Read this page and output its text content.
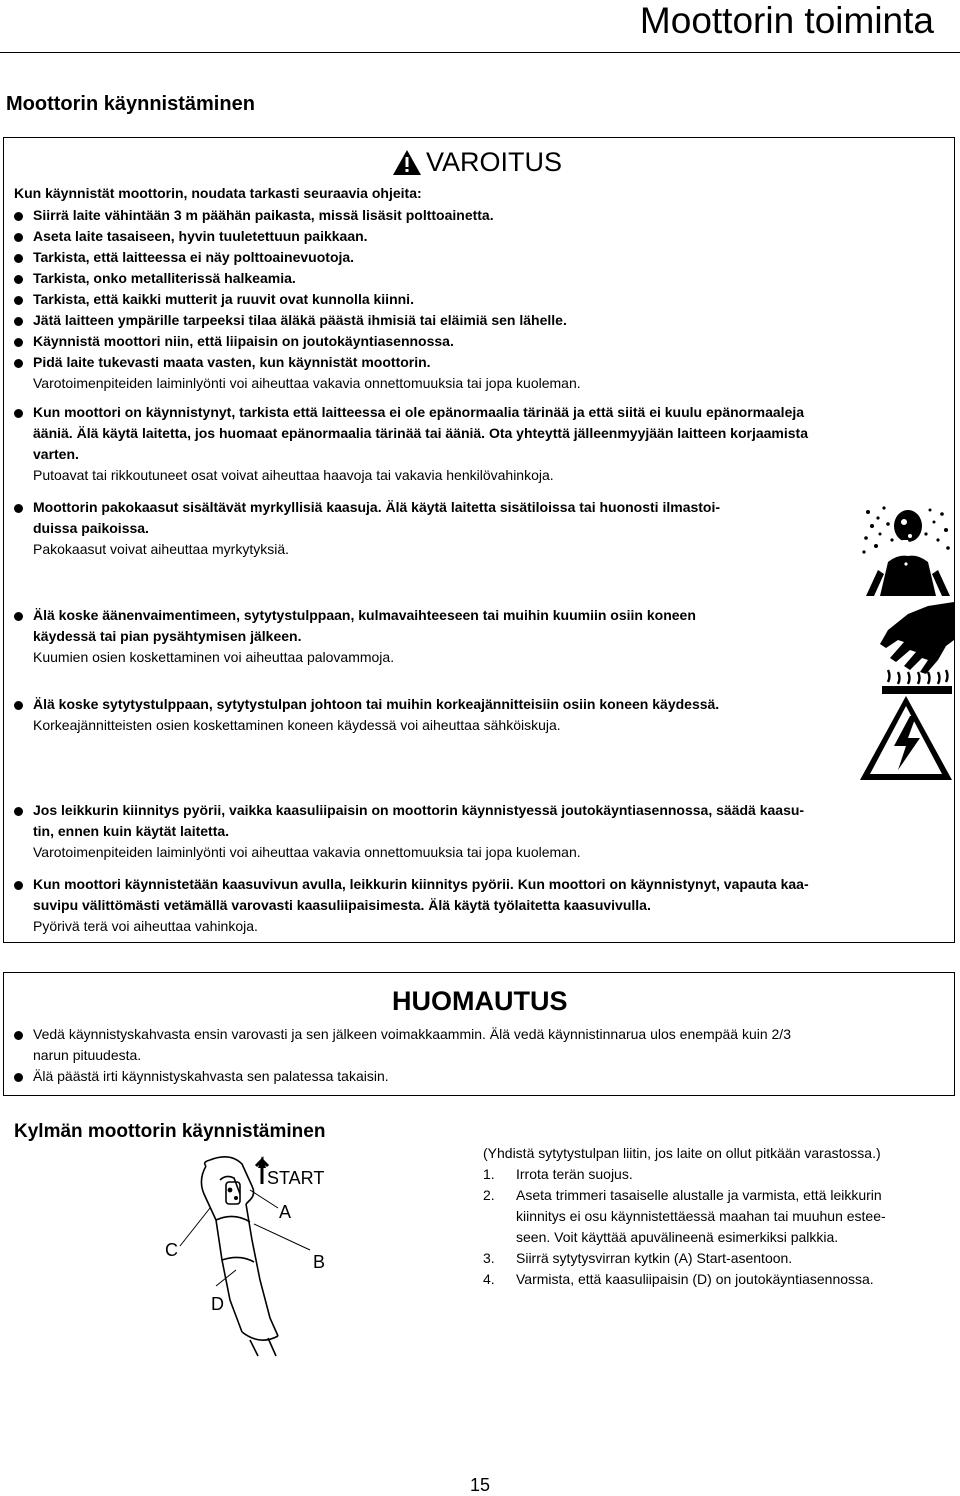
Moottorin toiminta
Moottorin käynnistäminen
VAROITUS
Kun käynnistät moottorin, noudata tarkasti seuraavia ohjeita:
Siirrä laite vähintään 3 m päähän paikasta, missä lisäsit polttoainetta.
Aseta laite tasaiseen, hyvin tuuletettuun paikkaan.
Tarkista, että laitteessa ei näy polttoainevuotoja.
Tarkista, onko metalliterissä halkeamia.
Tarkista, että kaikki mutterit ja ruuvit ovat kunnolla kiinni.
Jätä laitteen ympärille tarpeeksi tilaa äläkä päästä ihmisiä tai eläimiä sen lähelle.
Käynnistä moottori niin, että liipaisin on joutokäyntiasennossa.
Pidä laite tukevasti maata vasten, kun käynnistät moottorin.
Varotoimenpiteiden laiminlyönti voi aiheuttaa vakavia onnettomuuksia tai jopa kuoleman.
Kun moottori on käynnistynyt, tarkista että laitteessa ei ole epänormaalia tärinää ja että siitä ei kuulu epänormaaleja
ääniä. Älä käytä laitetta, jos huomaat epänormaalia tärinää tai ääniä. Ota yhteyttä jälleenmyyjään laitteen korjaamista
varten.
Putoavat tai rikkoutuneet osat voivat aiheuttaa haavoja tai vakavia henkilövahinkoja.
Moottorin pakokaasut sisältävät myrkyllisiä kaasuja. Älä käytä laitetta sisätiloissa tai huonosti ilmastoi-
duissa paikoissa.
Pakokaasut voivat aiheuttaa myrkytyksiä.
Älä koske äänenvaimentimeen, sytytystulppaan, kulmavaihteeseen tai muihin kuumiin osiin koneen
käydessä tai pian pysähtymisen jälkeen.
Kuumien osien koskettaminen voi aiheuttaa palovammoja.
Älä koske sytytystulppaan, sytytystulpan johtoon tai muihin korkeajännitteisiin osiin koneen käydessä.
Korkeajännitteisten osien koskettaminen koneen käydessä voi aiheuttaa sähköiskuja.
Jos leikkurin kiinnitys pyörii, vaikka kaasuliipaisin on moottorin käynnistyessä joutokäyntiasennossa, säädä kaasu-
tin, ennen kuin käytät laitetta.
Varotoimenpiteiden laiminlyönti voi aiheuttaa vakavia onnettomuuksia tai jopa kuoleman.
Kun moottori käynnistetään kaasuvivun avulla, leikkurin kiinnitys pyörii. Kun moottori on käynnistynyt, vapauta kaa-
suvipu välittömästi vetämällä varovasti kaasuliipaisimesta. Älä käytä työlaitetta kaasuvivulla.
Pyörivä terä voi aiheuttaa vahinkoja.
HUOMAUTUS
Vedä käynnistyskahvasta ensin varovasti ja sen jälkeen voimakkaammin. Älä vedä käynnistinnarua ulos enempää kuin 2/3
narun pituudesta.
Älä päästä irti käynnistyskahvasta sen palatessa takaisin.
Kylmän moottorin käynnistäminen
START
A
B
C
D
(Yhdistä sytytystulpan liitin, jos laite on ollut pitkään varastossa.)
1.	Irrota terän suojus.
2.	Aseta trimmeri tasaiselle alustalle ja varmista, että leikkurin
kiinnitys ei osu käynnistettäessä maahan tai muuhun estee-
seen. Voit käyttää apuvälineenä esimerkiksi palkkia.
3.	Siirrä sytytysvirran kytkin (A) Start-asentoon.
4.	Varmista, että kaasuliipaisin (D) on joutokäyntiasennossa.
15
